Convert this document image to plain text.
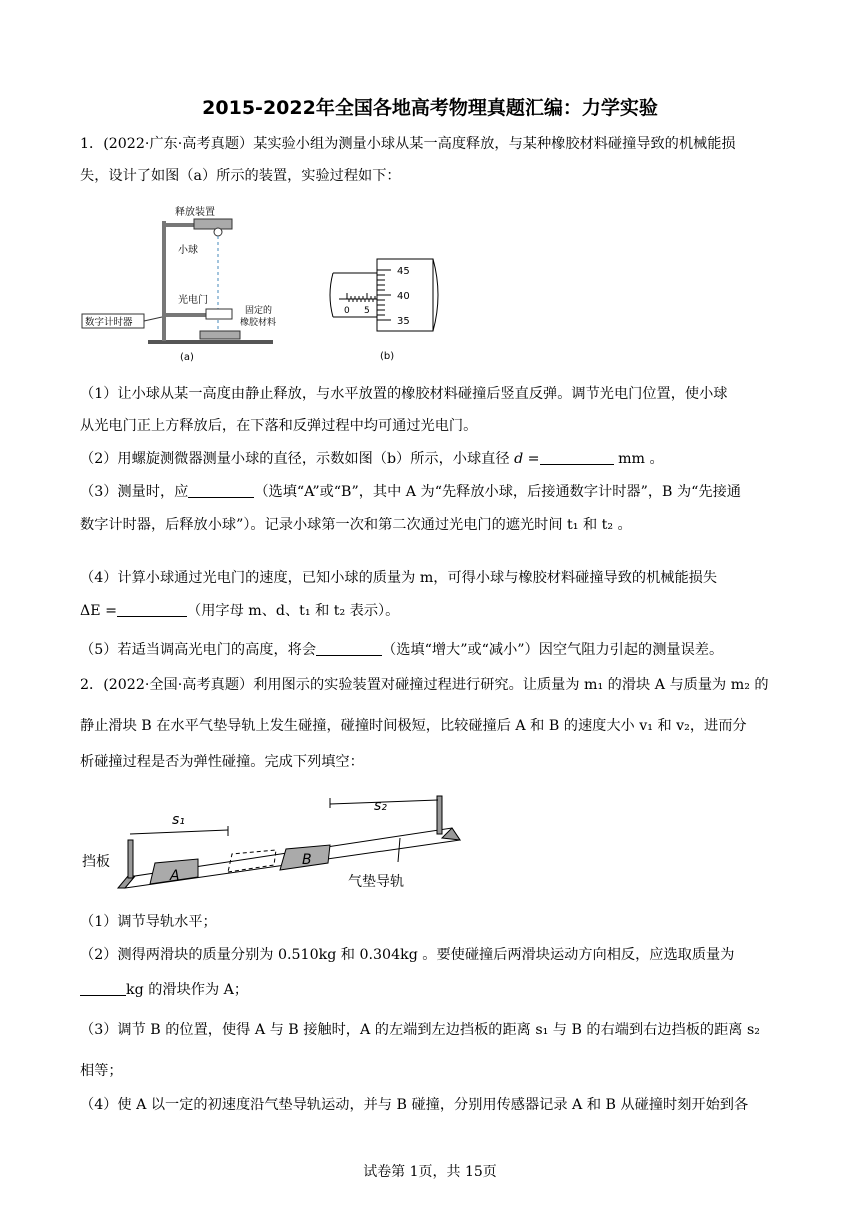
2015-2022年全国各地高考物理真题汇编：力学实验
1．(2022·广东·高考真题）某实验小组为测量小球从某一高度释放，与某种橡胶材料碰撞导致的机械能损
失，设计了如图（a）所示的装置，实验过程如下：
释放装置
小球
光电门
数字计时器
固定的
橡胶材料
(a)
45
40
35
0 5
(b)
（1）让小球从某一高度由静止释放，与水平放置的橡胶材料碰撞后竖直反弹。调节光电门位置，使小球
从光电门正上方释放后，在下落和反弹过程中均可通过光电门。
（2）用螺旋测微器测量小球的直径，示数如图（b）所示，小球直径 d =	mm 。
（3）测量时，应	（选填“A”或“B”，其中 A 为“先释放小球，后接通数字计时器”，B 为“先接通
数字计时器，后释放小球”）。记录小球第一次和第二次通过光电门的遮光时间 t₁ 和 t₂ 。
（4）计算小球通过光电门的速度，已知小球的质量为 m，可得小球与橡胶材料碰撞导致的机械能损失
ΔE =	（用字母 m、d、t₁ 和 t₂ 表示）。
（5）若适当调高光电门的高度，将会	（选填“增大”或“减小”）因空气阻力引起的测量误差。
2．(2022·全国·高考真题）利用图示的实验装置对碰撞过程进行研究。让质量为 m₁ 的滑块 A 与质量为 m₂ 的
静止滑块 B 在水平气垫导轨上发生碰撞，碰撞时间极短，比较碰撞后 A 和 B 的速度大小 v₁ 和 v₂，进而分
析碰撞过程是否为弹性碰撞。完成下列填空：
s₁
s₂
挡板
A
B
气垫导轨
（1）调节导轨水平；
（2）测得两滑块的质量分别为 0.510kg 和 0.304kg 。要使碰撞后两滑块运动方向相反，应选取质量为
kg 的滑块作为 A；
（3）调节 B 的位置，使得 A 与 B 接触时，A 的左端到左边挡板的距离 s₁ 与 B 的右端到右边挡板的距离 s₂
相等；
（4）使 A 以一定的初速度沿气垫导轨运动，并与 B 碰撞，分别用传感器记录 A 和 B 从碰撞时刻开始到各
试卷第 1页，共 15页
